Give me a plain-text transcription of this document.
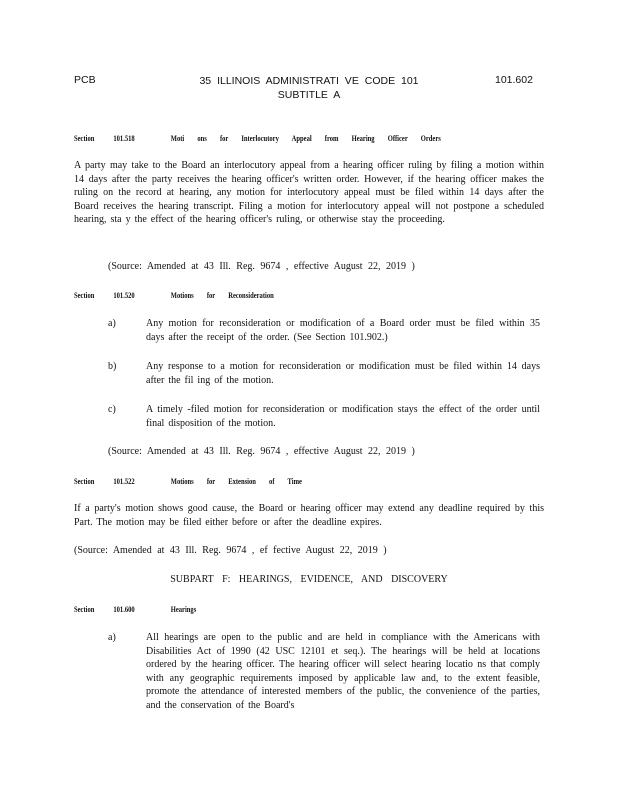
PCB	35 ILLINOIS ADMINISTRATI VE CODE 101
SUBTITLE A
101.602
Section 101.518	Moti ons for Interlocutory Appeal from Hearing Officer Orders
A party may take to the Board an interlocutory appeal from a hearing officer ruling by filing a motion within 14 days after the party receives the hearing officer's written order. However, if the hearing officer makes the ruling on the record at hearing, any motion for interlocutory appeal must be filed within 14 days after the Board receives the hearing transcript. Filing a motion for interlocutory appeal will not postpone a scheduled hearing, sta y the effect of the hearing officer's ruling, or otherwise stay the proceeding.
(Source: Amended at 43 Ill. Reg. 9674 , effective August 22, 2019 )
Section 101.520	Motions for Reconsideration
a)	Any motion for reconsideration or modification of a Board order must be filed within 35 days after the receipt of the order. (See Section 101.902.)
b)	Any response to a motion for reconsideration or modification must be filed within 14 days after the fil ing of the motion.
c)	A timely -filed motion for reconsideration or modification stays the effect of the order until final disposition of the motion.
(Source: Amended at 43 Ill. Reg. 9674 , effective August 22, 2019 )
Section 101.522	Motions for Extension of Time
If a party's motion shows good cause, the Board or hearing officer may extend any deadline required by this Part. The motion may be filed either before or after the deadline expires.
(Source: Amended at 43 Ill. Reg. 9674 , ef fective August 22, 2019 )
SUBPART F: HEARINGS, EVIDENCE, AND DISCOVERY
Section 101.600	Hearings
a)	All hearings are open to the public and are held in compliance with the Americans with Disabilities Act of 1990 (42 USC 12101 et seq.). The hearings will be held at locations ordered by the hearing officer. The hearing officer will select hearing locatio ns that comply with any geographic requirements imposed by applicable law and, to the extent feasible, promote the attendance of interested members of the public, the convenience of the parties, and the conservation of the Board's
